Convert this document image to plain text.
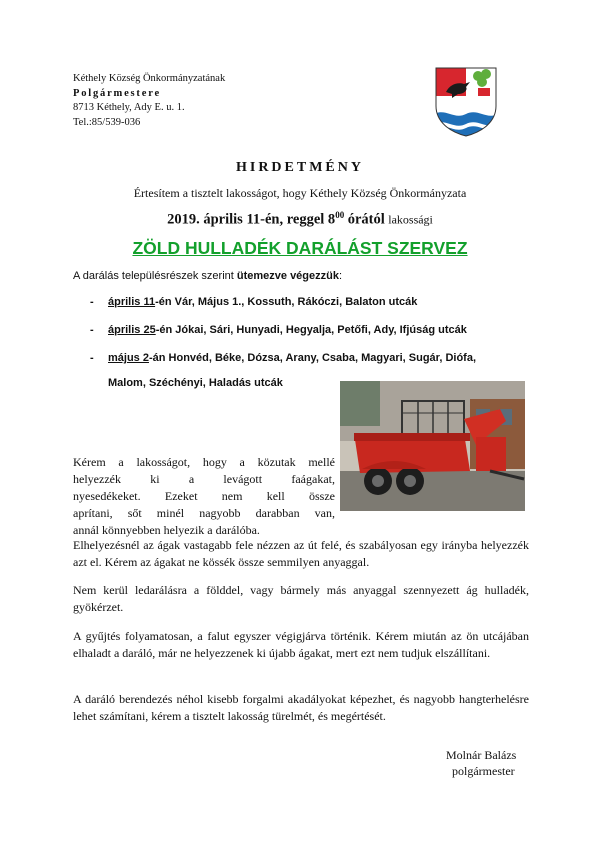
Kéthely Község Önkormányzatának
Polgármestere
8713 Kéthely, Ady E. u. 1.
Tel.:85/539-036
HIRDETMÉNY
Értesítem a tisztelt lakosságot, hogy Kéthely Község Önkormányzata
2019. április 11-én, reggel $8^{00}$ órától lakossági
ZÖLD HULLADÉK DARÁLÁST SZERVEZ
A darálás településrészek szerint ütemezve végezzük:
- április 11-én Vár, Május 1., Kossuth, Rákóczi, Balaton utcák
- április 25-én Jókai, Sári, Hunyadi, Hegyalja, Petőfi, Ady, Ifjúság utcák
- május 2-án Honvéd, Béke, Dózsa, Arany, Csaba, Magyari, Sugár, Diófa,
Malom, Széchényi, Haladás utcák
Kérem a lakosságot, hogy a közutak mellé
helyezzék ki a levágott faágakat,
nyesedékeket. Ezeket nem kell össze
aprítani, sőt minél nagyobb darabban van,
annál könnyebben helyezik a darálóba.
Elhelyezésnél az ágak vastagabb fele nézzen az út felé, és szabályosan egy irányba helyezzék azt el. Kérem az ágakat ne kössék össze semmilyen anyaggal.
Nem kerül ledarálásra a földdel, vagy bármely más anyaggal szennyezett ág hulladék, gyökérzet.
A gyűjtés folyamatosan, a falut egyszer végigjárva történik. Kérem miután az ön utcájában elhaladt a daráló, már ne helyezzenek ki újabb ágakat, mert ezt nem tudjuk elszállítani.
A daráló berendezés néhol kisebb forgalmi akadályokat képezhet, és nagyobb hangterhelésre lehet számítani, kérem a tisztelt lakosság türelmét, és megértését.
Molnár Balázs
polgármester
